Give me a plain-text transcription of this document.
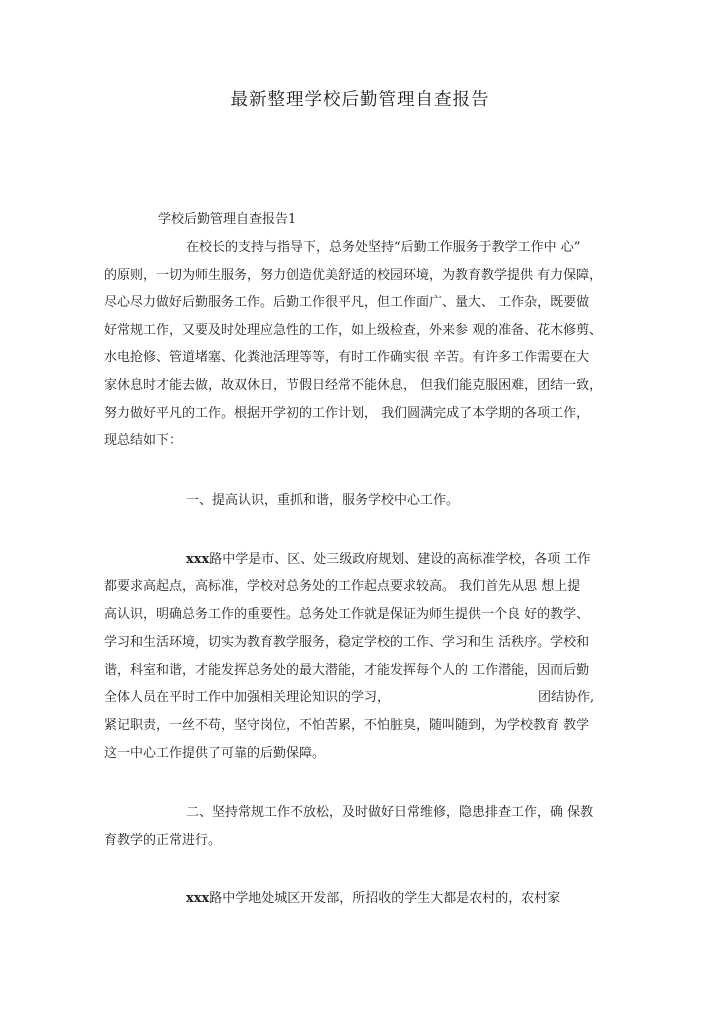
最新整理学校后勤管理自查报告
学校后勤管理自查报告1
在校长的支持与指导下，总务处坚持“后勤工作服务于教学工作中 心”
的原则，一切为师生服务，努力创造优美舒适的校园环境，为教育教学提供 有力保障，
尽心尽力做好后勤服务工作。后勤工作很平凡，但工作面广、量大、 工作杂，既要做
好常规工作，又要及时处理应急性的工作，如上级检查，外来参 观的准备、花木修剪、
水电抢修、管道堵塞、化粪池活理等等，有时工作确实很 辛苦。有许多工作需要在大
家休息时才能去做，故双休日，节假日经常不能休息， 但我们能克服困难，团结一致，
努力做好平凡的工作。根据开学初的工作计划， 我们圆满完成了本学期的各项工作，
现总结如下：
一、提高认识，重抓和谐，服务学校中心工作。
xxx路中学是市、区、处三级政府规划、建设的高标准学校，各项 工作
都要求高起点，高标准，学校对总务处的工作起点要求较高。 我们首先从思 想上提
高认识，明确总务工作的重要性。总务处工作就是保证为师生提供一个良 好的教学、
学习和生活环境，切实为教育教学服务，稳定学校的工作、学习和生 活秩序。学校和
谐，科室和谐，才能发挥总务处的最大潜能，才能发挥每个人的 工作潜能，因而后勤
全体人员在平时工作中加强相关理论知识的学习，	团结协作,
紧记职责，一丝不苟，坚守岗位，不怕苦累，不怕脏臭，随叫随到，为学校教育 教学
这一中心工作提供了可靠的后勤保障。
二、坚持常规工作不放松，及时做好日常维修，隐患排查工作，确 保教
育教学的正常进行。
xxx路中学地处城区开发部，所招收的学生大都是农村的，农村家
